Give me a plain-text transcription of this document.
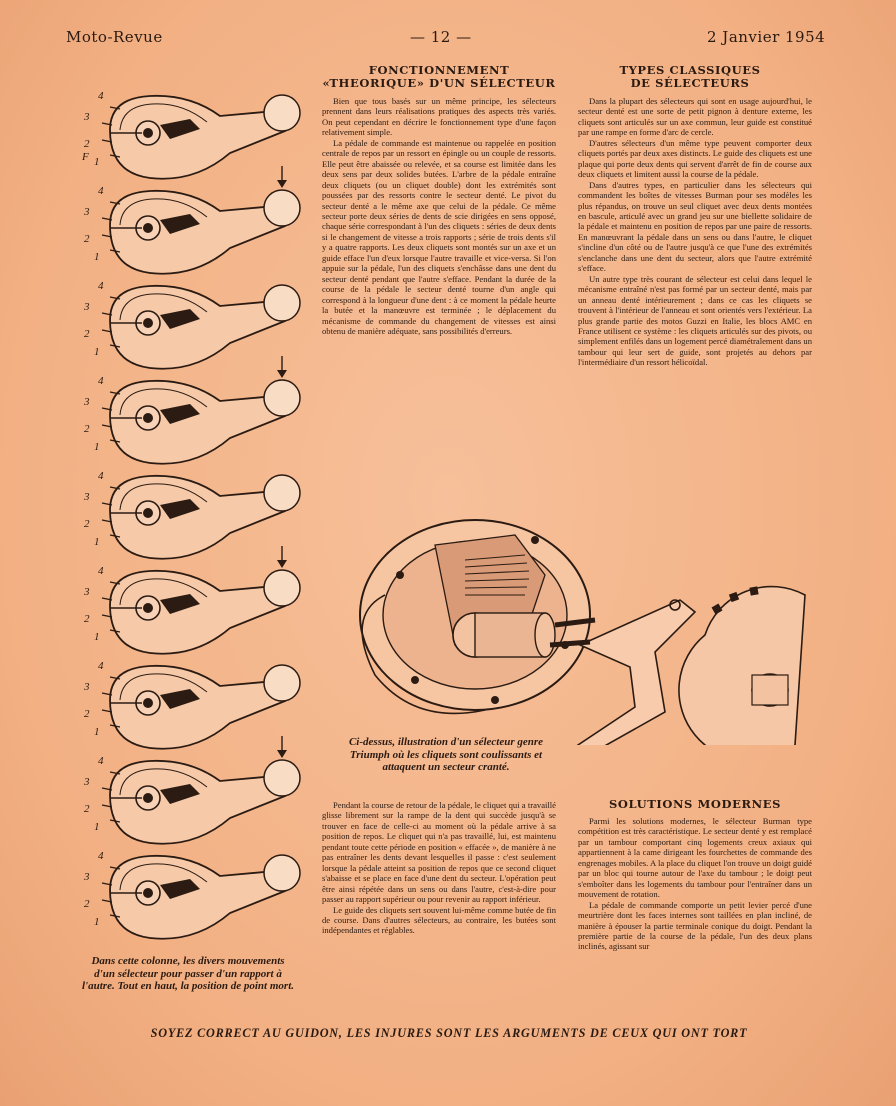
Moto-Revue	— 12 —	2 Janvier 1954
4
3
2
1
F
4
3
2
1
4
3
2
1
4
3
2
1
4
3
2
1
4
3
2
1
4
3
2
1
4
3
2
1
4
3
2
1
Dans cette colonne, les divers mouvements d'un sélecteur pour passer d'un rapport à l'autre. Tout en haut, la position de point mort.
FONCTIONNEMENT
«THEORIQUE» D'UN SÉLECTEUR

Bien que tous basés sur un même principe, les sélecteurs prennent dans leurs réalisations pratiques des aspects très variés. On peut cependant en décrire le fonctionnement type d'une façon relativement simple.

La pédale de commande est maintenue ou rappelée en position centrale de repos par un ressort en épingle ou un couple de ressorts. Elle peut être abaissée ou relevée, et sa course est limitée dans les deux sens par deux solides butées. L'arbre de la pédale entraîne deux cliquets (ou un cliquet double) dont les extrémités sont poussées par des ressorts contre le secteur denté. Le pivot du secteur denté a le même axe que celui de la pédale. Ce même secteur porte deux séries de dents de scie dirigées en sens opposé, chaque série correspondant à l'un des cliquets : séries de deux dents si le changement de vitesse a trois rapports ; série de trois dents s'il y a quatre rapports. Les deux cliquets sont montés sur un axe et un guide efface l'un d'eux lorsque l'autre travaille et vice-versa. Si l'on appuie sur la pédale, l'un des cliquets s'enchâsse dans une dent du secteur denté pendant que l'autre s'efface. Pendant la durée de la course de la pédale le secteur denté tourne d'un angle qui correspond à la longueur d'une dent : à ce moment la pédale heurte la butée et la manœuvre est terminée ; le déplacement du mécanisme de commande du changement de vitesses est ainsi obtenu de manière adéquate, sans possibilités d'erreurs.

TYPES CLASSIQUES
DE SÉLECTEURS

Dans la plupart des sélecteurs qui sont en usage aujourd'hui, le secteur denté est une sorte de petit pignon à denture externe, les cliquets sont articulés sur un axe commun, leur guide est constitué par une rampe en forme d'arc de cercle.

D'autres sélecteurs d'un même type peuvent comporter deux cliquets portés par deux axes distincts. Le guide des cliquets est une plaque qui porte deux dents qui servent d'arrêt de fin de course aux deux cliquets et limitent aussi la course de la pédale.

Dans d'autres types, en particulier dans les sélecteurs qui commandent les boîtes de vitesses Burman pour ses modèles les plus répandus, on trouve un seul cliquet avec deux dents montées en bascule, articulé avec un grand jeu sur une biellette solidaire de la pédale et maintenu en position de repos par une paire de ressorts. En manœuvrant la pédale dans un sens ou dans l'autre, le cliquet s'incline d'un côté ou de l'autre jusqu'à ce que l'une des extrémités s'enclanche dans une dent du secteur, alors que l'autre extrémité s'efface.

Un autre type très courant de sélecteur est celui dans lequel le mécanisme entraîné n'est pas formé par un secteur denté, mais par un anneau denté intérieurement ; dans ce cas les cliquets se trouvent à l'intérieur de l'anneau et sont orientés vers l'extérieur. La plus grande partie des motos Guzzi en Italie, les blocs AMC en France utilisent ce système : les cliquets articulés sur des pivots, ou simplement enfilés dans un logement percé diamétralement dans un tambour qui leur sert de guide, sont projetés au dehors par l'intermédiaire d'un ressort hélicoïdal.

Ci-dessus, illustration d'un sélecteur genre Triumph où les cliquets sont coulissants et attaquent un secteur cranté.

Pendant la course de retour de la pédale, le cliquet qui a travaillé glisse librement sur la rampe de la dent qui succède jusqu'à se trouver en face de celle-ci au moment où la pédale arrive à sa position de repos. Le cliquet qui n'a pas travaillé, lui, est maintenu pendant toute cette période en position « effacée », de manière à ne pas entraîner les dents devant lesquelles il passe : c'est seulement lorsque la pédale atteint sa position de repos que ce second cliquet s'abaisse et se place en face d'une dent du secteur. L'opération peut être ainsi répétée dans un sens ou dans l'autre, c'est-à-dire pour passer au rapport supérieur ou pour revenir au rapport inférieur.

Le guide des cliquets sert souvent lui-même comme butée de fin de course. Dans d'autres sélecteurs, au contraire, les butées sont indépendantes et réglables.

SOLUTIONS MODERNES

Parmi les solutions modernes, le sélecteur Burman type compétition est très caractéristique. Le secteur denté y est remplacé par un tambour comportant cinq logements creux axiaux qui appartiennent à la came dirigeant les fourchettes de commande des engrenages mobiles. A la place du cliquet l'on trouve un doigt guidé par un bloc qui tourne autour de l'axe du tambour ; le doigt peut s'emboîter dans les logements du tambour pour l'entraîner dans un mouvement de rotation.

La pédale de commande comporte un petit levier percé d'une meurtrière dont les faces internes sont taillées en plan incliné, de manière à épouser la partie terminale conique du doigt. Pendant la première partie de la course de la pédale, l'un des deux plans inclinés, agissant sur

SOYEZ CORRECT AU GUIDON, LES INJURES SONT LES ARGUMENTS DE CEUX QUI ONT TORT
